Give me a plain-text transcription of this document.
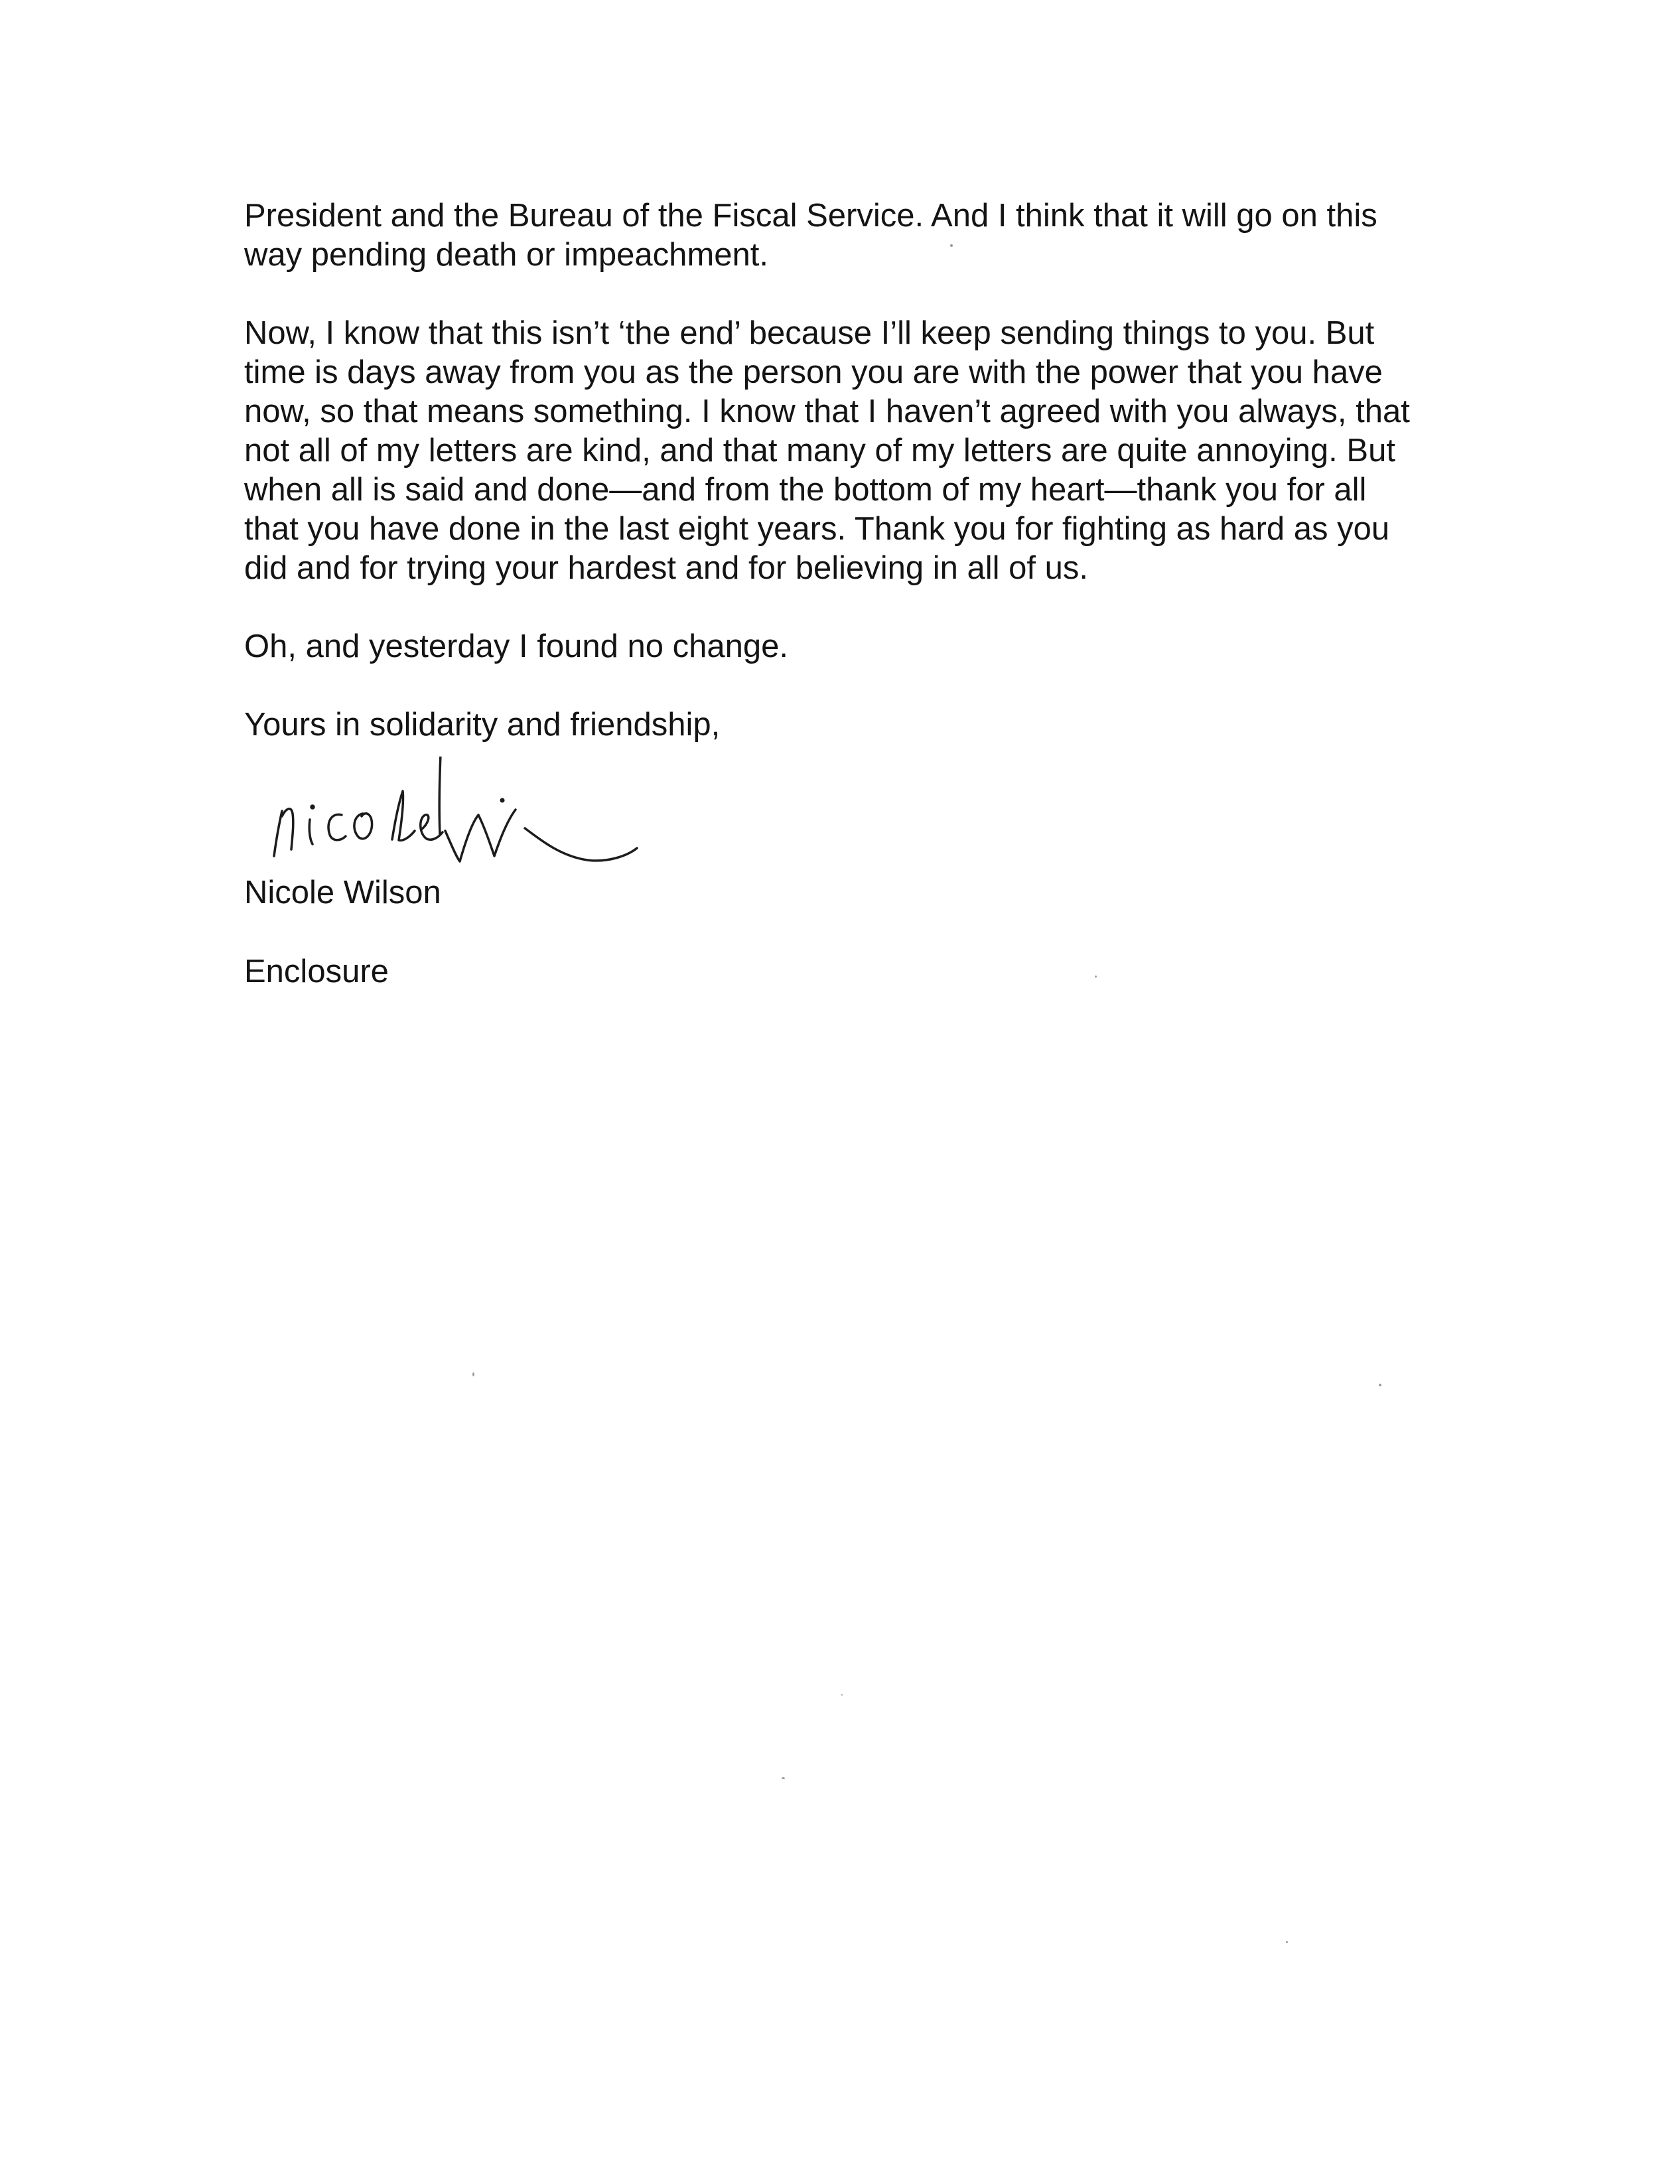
President and the Bureau of the Fiscal Service. And I think that it will go on this
way pending death or impeachment.
Now, I know that this isn’t ‘the end’ because I’ll keep sending things to you. But
time is days away from you as the person you are with the power that you have
now, so that means something. I know that I haven’t agreed with you always, that
not all of my letters are kind, and that many of my letters are quite annoying. But
when all is said and done—and from the bottom of my heart—thank you for all
that you have done in the last eight years. Thank you for fighting as hard as you
did and for trying your hardest and for believing in all of us.
Oh, and yesterday I found no change.
Yours in solidarity and friendship,
Nicole Wilson
Enclosure
